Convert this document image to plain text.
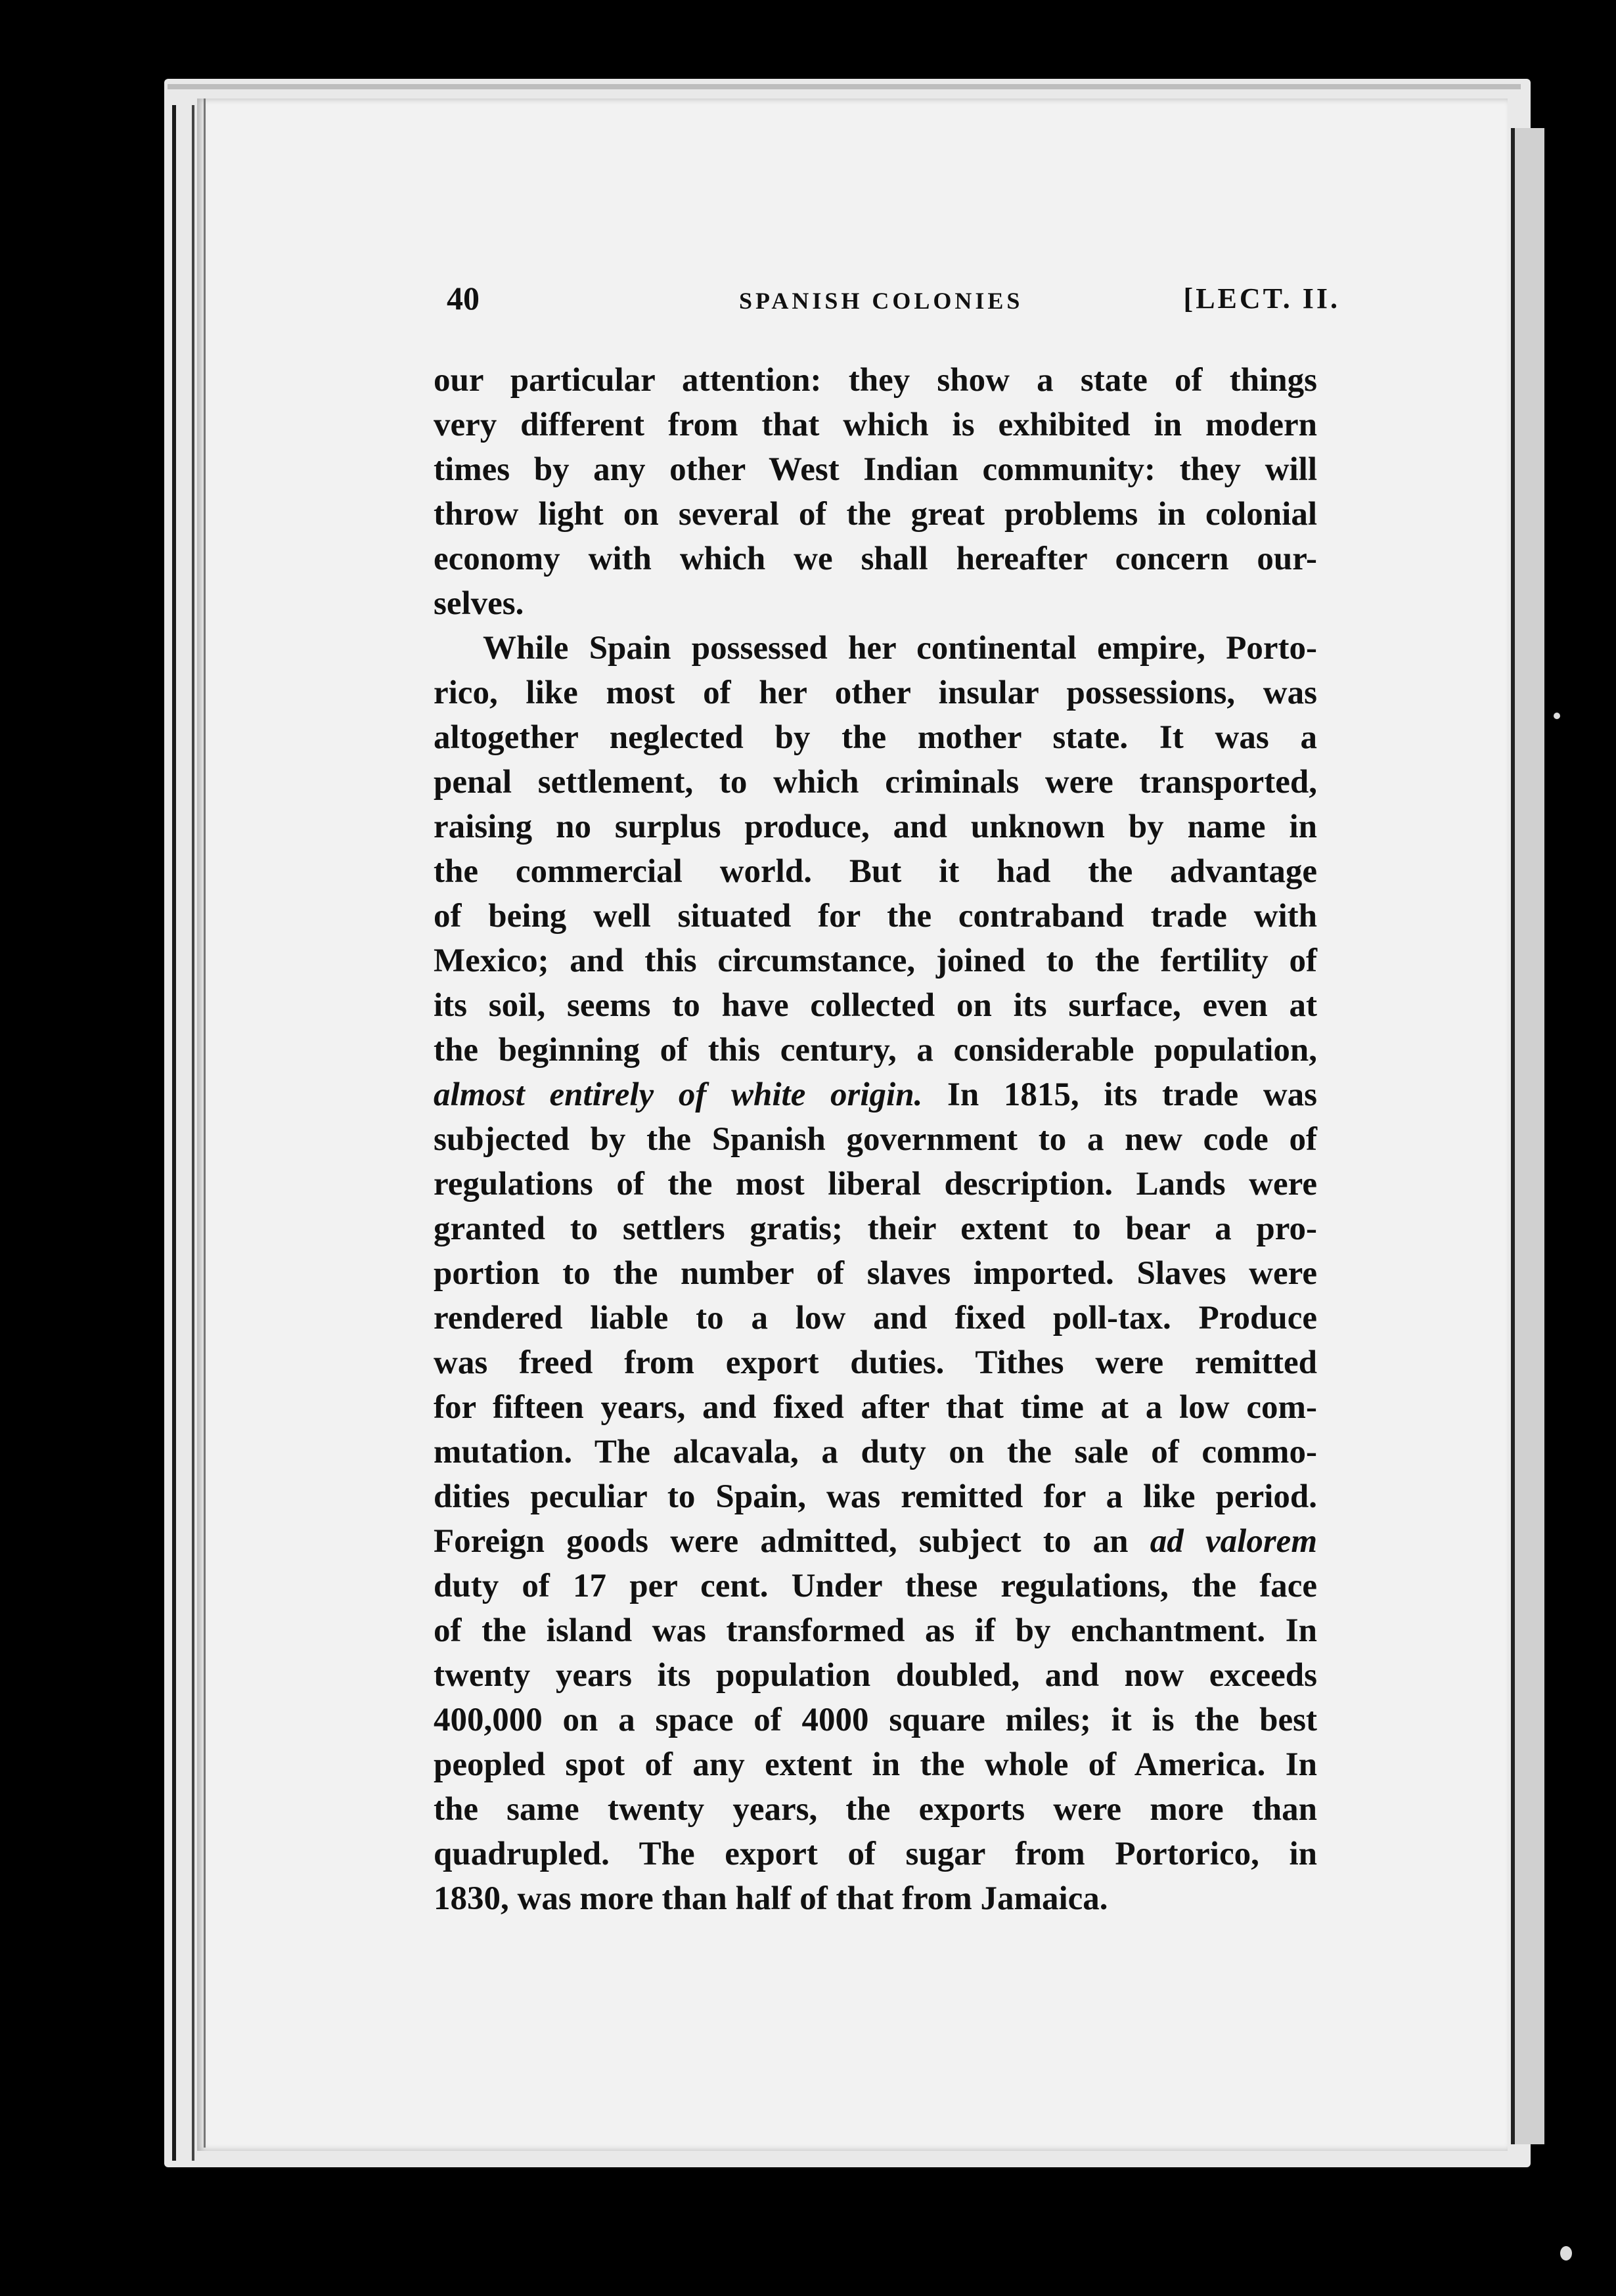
40	SPANISH COLONIES	[LECT. II.
our particular attention: they show a state of things
very different from that which is exhibited in modern
times by any other West Indian community: they will
throw light on several of the great problems in colonial
economy with which we shall hereafter concern our-
selves.
While Spain possessed her continental empire, Porto-
rico, like most of her other insular possessions, was
altogether neglected by the mother state. It was a
penal settlement, to which criminals were transported,
raising no surplus produce, and unknown by name in
the commercial world. But it had the advantage
of being well situated for the contraband trade with
Mexico; and this circumstance, joined to the fertility of
its soil, seems to have collected on its surface, even at
the beginning of this century, a considerable population,
almost entirely of white origin. In 1815, its trade was
subjected by the Spanish government to a new code of
regulations of the most liberal description. Lands were
granted to settlers gratis; their extent to bear a pro-
portion to the number of slaves imported. Slaves were
rendered liable to a low and fixed poll-tax. Produce
was freed from export duties. Tithes were remitted
for fifteen years, and fixed after that time at a low com-
mutation. The alcavala, a duty on the sale of commo-
dities peculiar to Spain, was remitted for a like period.
Foreign goods were admitted, subject to an ad valorem
duty of 17 per cent. Under these regulations, the face
of the island was transformed as if by enchantment. In
twenty years its population doubled, and now exceeds
400,000 on a space of 4000 square miles; it is the best
peopled spot of any extent in the whole of America. In
the same twenty years, the exports were more than
quadrupled. The export of sugar from Portorico, in
1830, was more than half of that from Jamaica.
